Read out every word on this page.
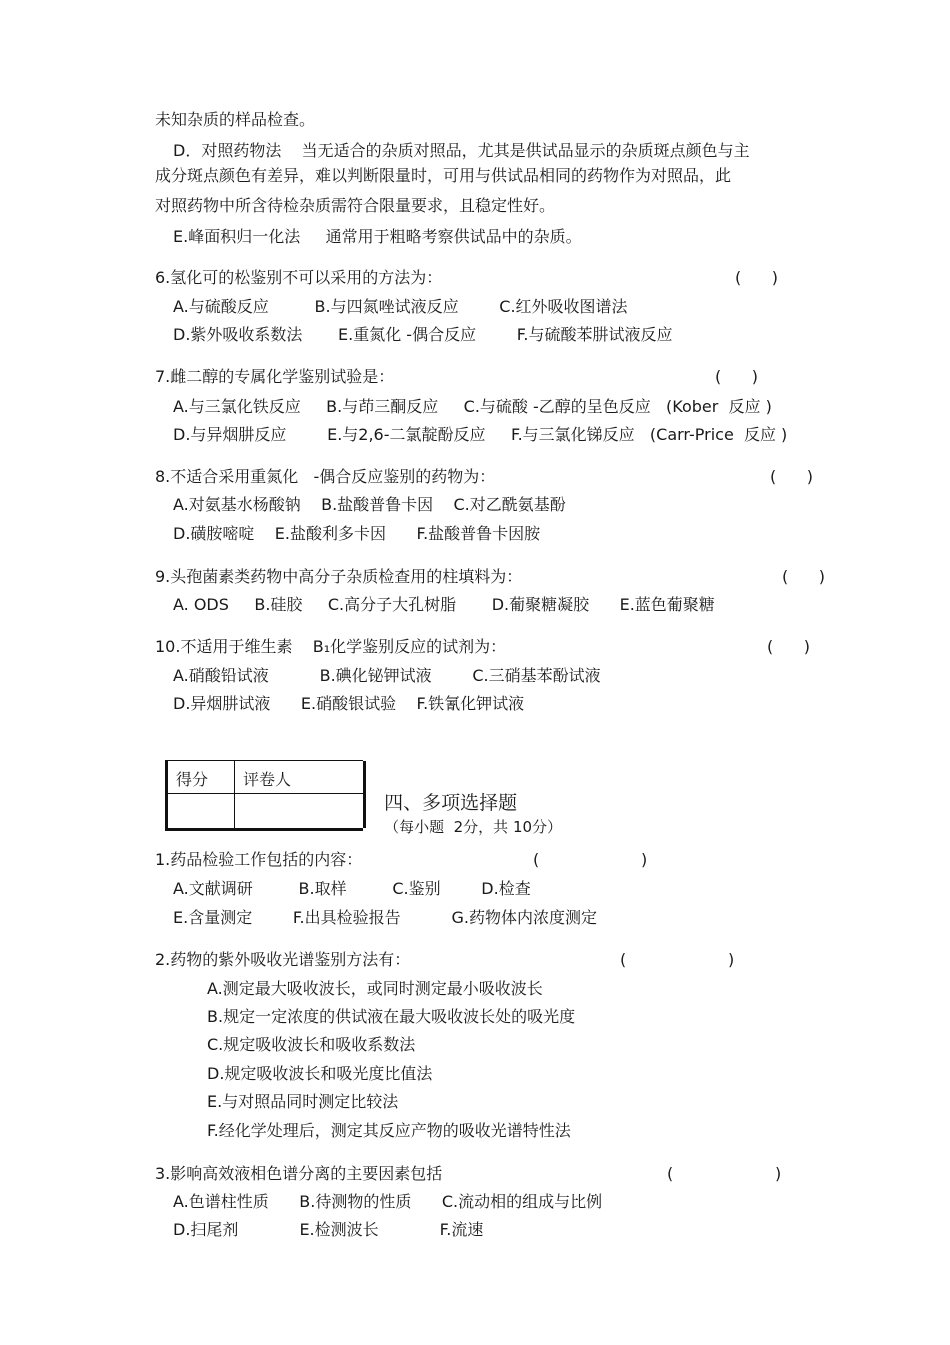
未知杂质的样品检查。
D．对照药物法    当无适合的杂质对照品，尤其是供试品显示的杂质斑点颜色与主
成分斑点颜色有差异，难以判断限量时，可用与供试品相同的药物作为对照品，此
对照药物中所含待检杂质需符合限量要求，且稳定性好。
E.峰面积归一化法     通常用于粗略考察供试品中的杂质。
6.氢化可的松鉴别不可以采用的方法为：	(      )
A.与硫酸反应         B.与四氮唑试液反应        C.红外吸收图谱法
D.紫外吸收系数法       E.重氮化 -偶合反应        F.与硫酸苯肼试液反应
7.雌二醇的专属化学鉴别试验是：	(      )
A.与三氯化铁反应     B.与茚三酮反应     C.与硫酸 -乙醇的呈色反应   (Kober  反应 )
D.与异烟肼反应        E.与2,6-二氯靛酚反应     F.与三氯化锑反应   (Carr-Price  反应 )
8.不适合采用重氮化   -偶合反应鉴别的药物为：	(      )
A.对氨基水杨酸钠    B.盐酸普鲁卡因    C.对乙酰氨基酚
D.磺胺嘧啶    E.盐酸利多卡因      F.盐酸普鲁卡因胺
9.头孢菌素类药物中高分子杂质检查用的柱填料为：	(      )
A. ODS     B.硅胶     C.高分子大孔树脂       D.葡聚糖凝胶      E.蓝色葡聚糖
10.不适用于维生素    B₁化学鉴别反应的试剂为：	(      )
A.硝酸铅试液          B.碘化铋钾试液        C.三硝基苯酚试液
D.异烟肼试液      E.硝酸银试验    F.铁氰化钾试液
1.药品检验工作包括的内容：	(                    )
A.文献调研         B.取样         C.鉴别        D.检查
E.含量测定        F.出具检验报告          G.药物体内浓度测定
2.药物的紫外吸收光谱鉴别方法有：	(                    )
A.测定最大吸收波长，或同时测定最小吸收波长
B.规定一定浓度的供试液在最大吸收波长处的吸光度
C.规定吸收波长和吸收系数法
D.规定吸收波长和吸光度比值法
E.与对照品同时测定比较法
F.经化学处理后，测定其反应产物的吸收光谱特性法
3.影响高效液相色谱分离的主要因素包括	(                    )
A.色谱柱性质      B.待测物的性质      C.流动相的组成与比例
D.扫尾剂            E.检测波长            F.流速
得分 评卷人

四、多项选择题
（每小题  2分，共 10分）
